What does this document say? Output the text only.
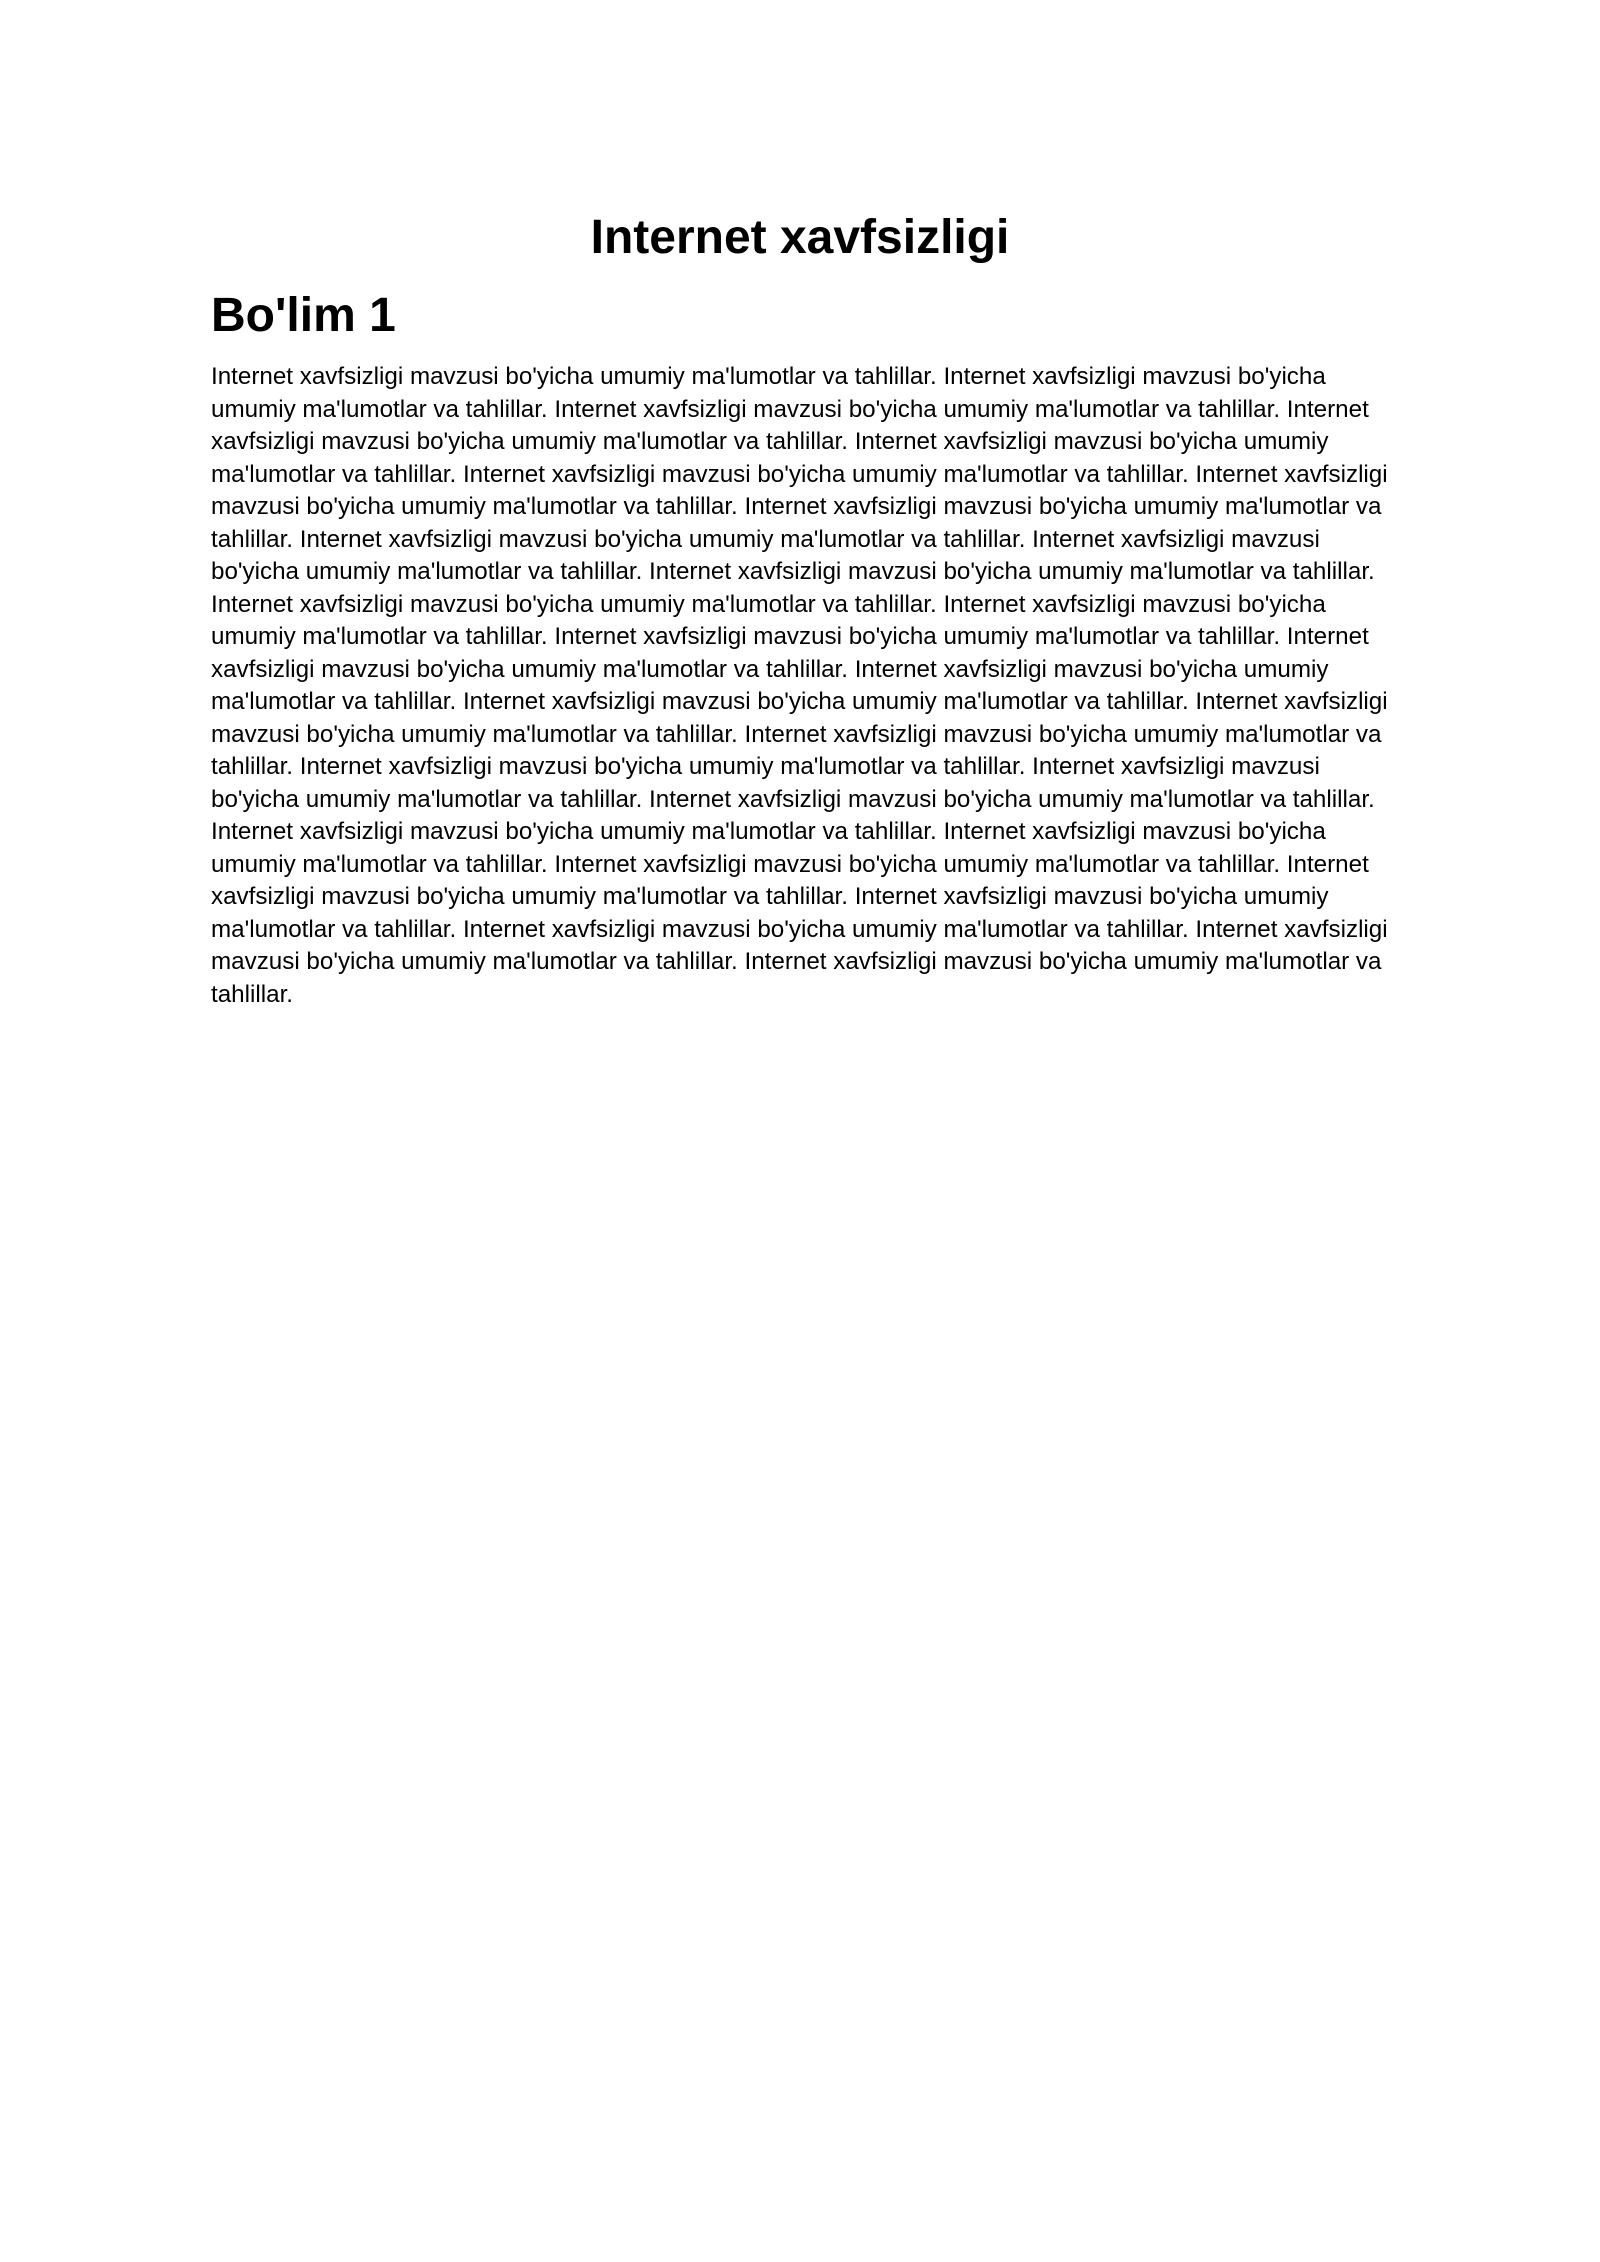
Internet xavfsizligi
Bo'lim 1

Internet xavfsizligi mavzusi bo'yicha umumiy ma'lumotlar va tahlillar. Internet xavfsizligi mavzusi bo'yicha umumiy ma'lumotlar va tahlillar. Internet xavfsizligi mavzusi bo'yicha umumiy ma'lumotlar va tahlillar. Internet xavfsizligi mavzusi bo'yicha umumiy ma'lumotlar va tahlillar. Internet xavfsizligi mavzusi bo'yicha umumiy ma'lumotlar va tahlillar. Internet xavfsizligi mavzusi bo'yicha umumiy ma'lumotlar va tahlillar. Internet xavfsizligi mavzusi bo'yicha umumiy ma'lumotlar va tahlillar. Internet xavfsizligi mavzusi bo'yicha umumiy ma'lumotlar va tahlillar. Internet xavfsizligi mavzusi bo'yicha umumiy ma'lumotlar va tahlillar. Internet xavfsizligi mavzusi bo'yicha umumiy ma'lumotlar va tahlillar. Internet xavfsizligi mavzusi bo'yicha umumiy ma'lumotlar va tahlillar. Internet xavfsizligi mavzusi bo'yicha umumiy ma'lumotlar va tahlillar. Internet xavfsizligi mavzusi bo'yicha umumiy ma'lumotlar va tahlillar. Internet xavfsizligi mavzusi bo'yicha umumiy ma'lumotlar va tahlillar. Internet xavfsizligi mavzusi bo'yicha umumiy ma'lumotlar va tahlillar. Internet xavfsizligi mavzusi bo'yicha umumiy ma'lumotlar va tahlillar. Internet xavfsizligi mavzusi bo'yicha umumiy ma'lumotlar va tahlillar. Internet xavfsizligi mavzusi bo'yicha umumiy ma'lumotlar va tahlillar. Internet xavfsizligi mavzusi bo'yicha umumiy ma'lumotlar va tahlillar. Internet xavfsizligi mavzusi bo'yicha umumiy ma'lumotlar va tahlillar. Internet xavfsizligi mavzusi bo'yicha umumiy ma'lumotlar va tahlillar. Internet xavfsizligi mavzusi bo'yicha umumiy ma'lumotlar va tahlillar. Internet xavfsizligi mavzusi bo'yicha umumiy ma'lumotlar va tahlillar. Internet xavfsizligi mavzusi bo'yicha umumiy ma'lumotlar va tahlillar. Internet xavfsizligi mavzusi bo'yicha umumiy ma'lumotlar va tahlillar. Internet xavfsizligi mavzusi bo'yicha umumiy ma'lumotlar va tahlillar. Internet xavfsizligi mavzusi bo'yicha umumiy ma'lumotlar va tahlillar. Internet xavfsizligi mavzusi bo'yicha umumiy ma'lumotlar va tahlillar. Internet xavfsizligi mavzusi bo'yicha umumiy ma'lumotlar va tahlillar. Internet xavfsizligi mavzusi bo'yicha umumiy ma'lumotlar va tahlillar.
